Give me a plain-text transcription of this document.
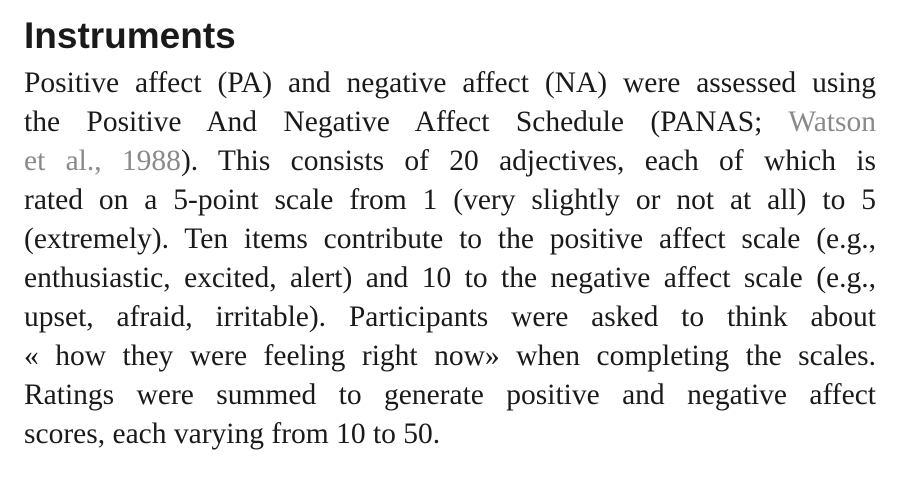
Instruments
Positive affect (PA) and negative affect (NA) were assessed using
the Positive And Negative Affect Schedule (PANAS; Watson
et al., 1988). This consists of 20 adjectives, each of which is
rated on a 5-point scale from 1 (very slightly or not at all) to 5
(extremely). Ten items contribute to the positive affect scale (e.g.,
enthusiastic, excited, alert) and 10 to the negative affect scale (e.g.,
upset, afraid, irritable). Participants were asked to think about
« how they were feeling right now» when completing the scales.
Ratings were summed to generate positive and negative affect
scores, each varying from 10 to 50.
